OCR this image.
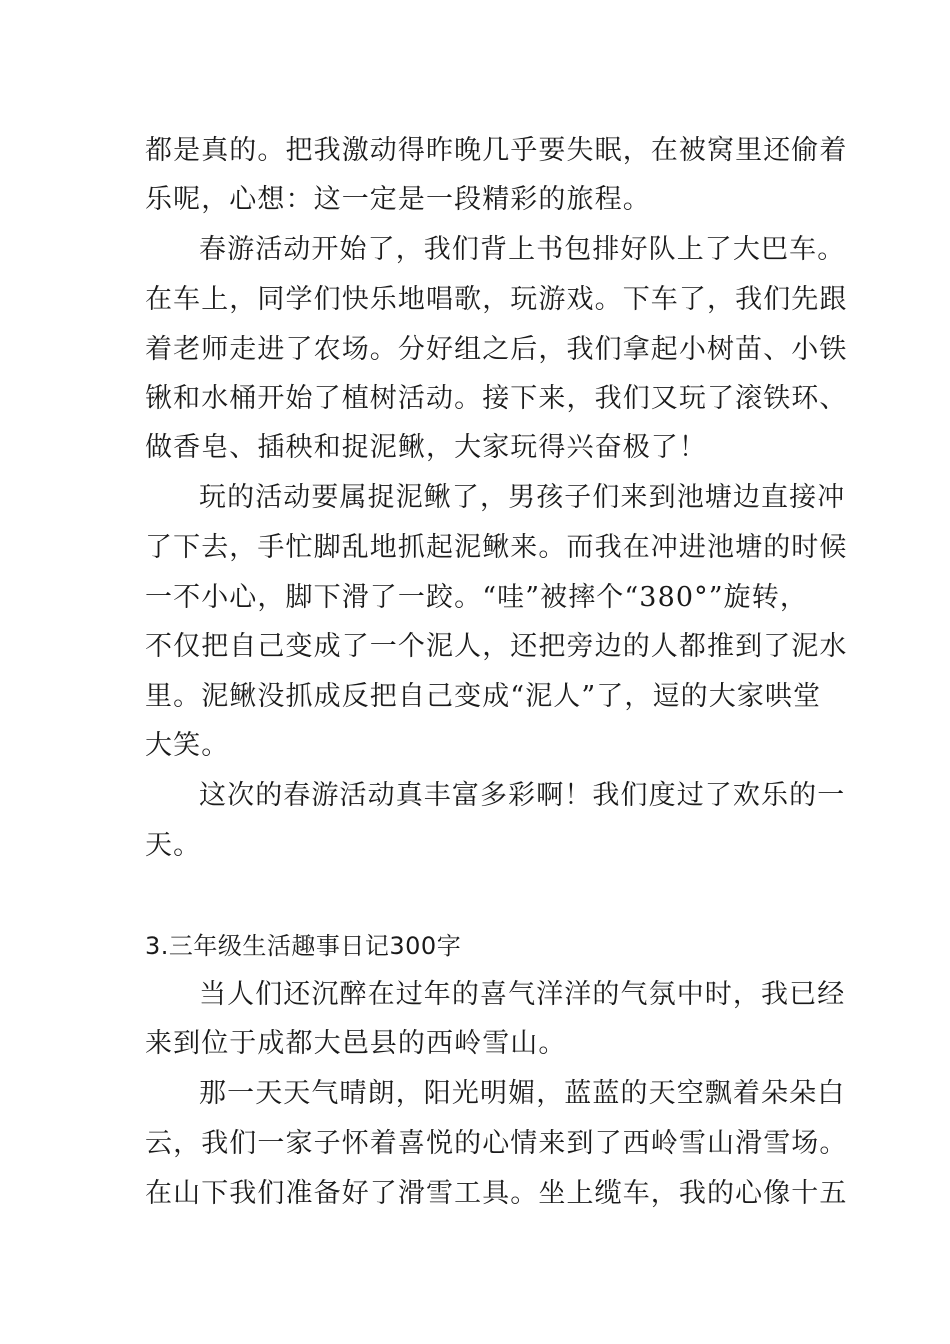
都是真的。把我激动得昨晚几乎要失眠，在被窝里还偷着
乐呢，心想：这一定是一段精彩的旅程。
春游活动开始了，我们背上书包排好队上了大巴车。
在车上，同学们快乐地唱歌，玩游戏。下车了，我们先跟
着老师走进了农场。分好组之后，我们拿起小树苗、小铁
锹和水桶开始了植树活动。接下来，我们又玩了滚铁环、
做香皂、插秧和捉泥鳅，大家玩得兴奋极了！
玩的活动要属捉泥鳅了，男孩子们来到池塘边直接冲
了下去，手忙脚乱地抓起泥鳅来。而我在冲进池塘的时候
一不小心，脚下滑了一跤。“哇”被摔个“380°”旋转，
不仅把自己变成了一个泥人，还把旁边的人都推到了泥水
里。泥鳅没抓成反把自己变成“泥人”了，逗的大家哄堂
大笑。
这次的春游活动真丰富多彩啊！我们度过了欢乐的一
天。
3.三年级生活趣事日记300字
当人们还沉醉在过年的喜气洋洋的气氛中时，我已经
来到位于成都大邑县的西岭雪山。
那一天天气晴朗，阳光明媚，蓝蓝的天空飘着朵朵白
云，我们一家子怀着喜悦的心情来到了西岭雪山滑雪场。
在山下我们准备好了滑雪工具。坐上缆车，我的心像十五
